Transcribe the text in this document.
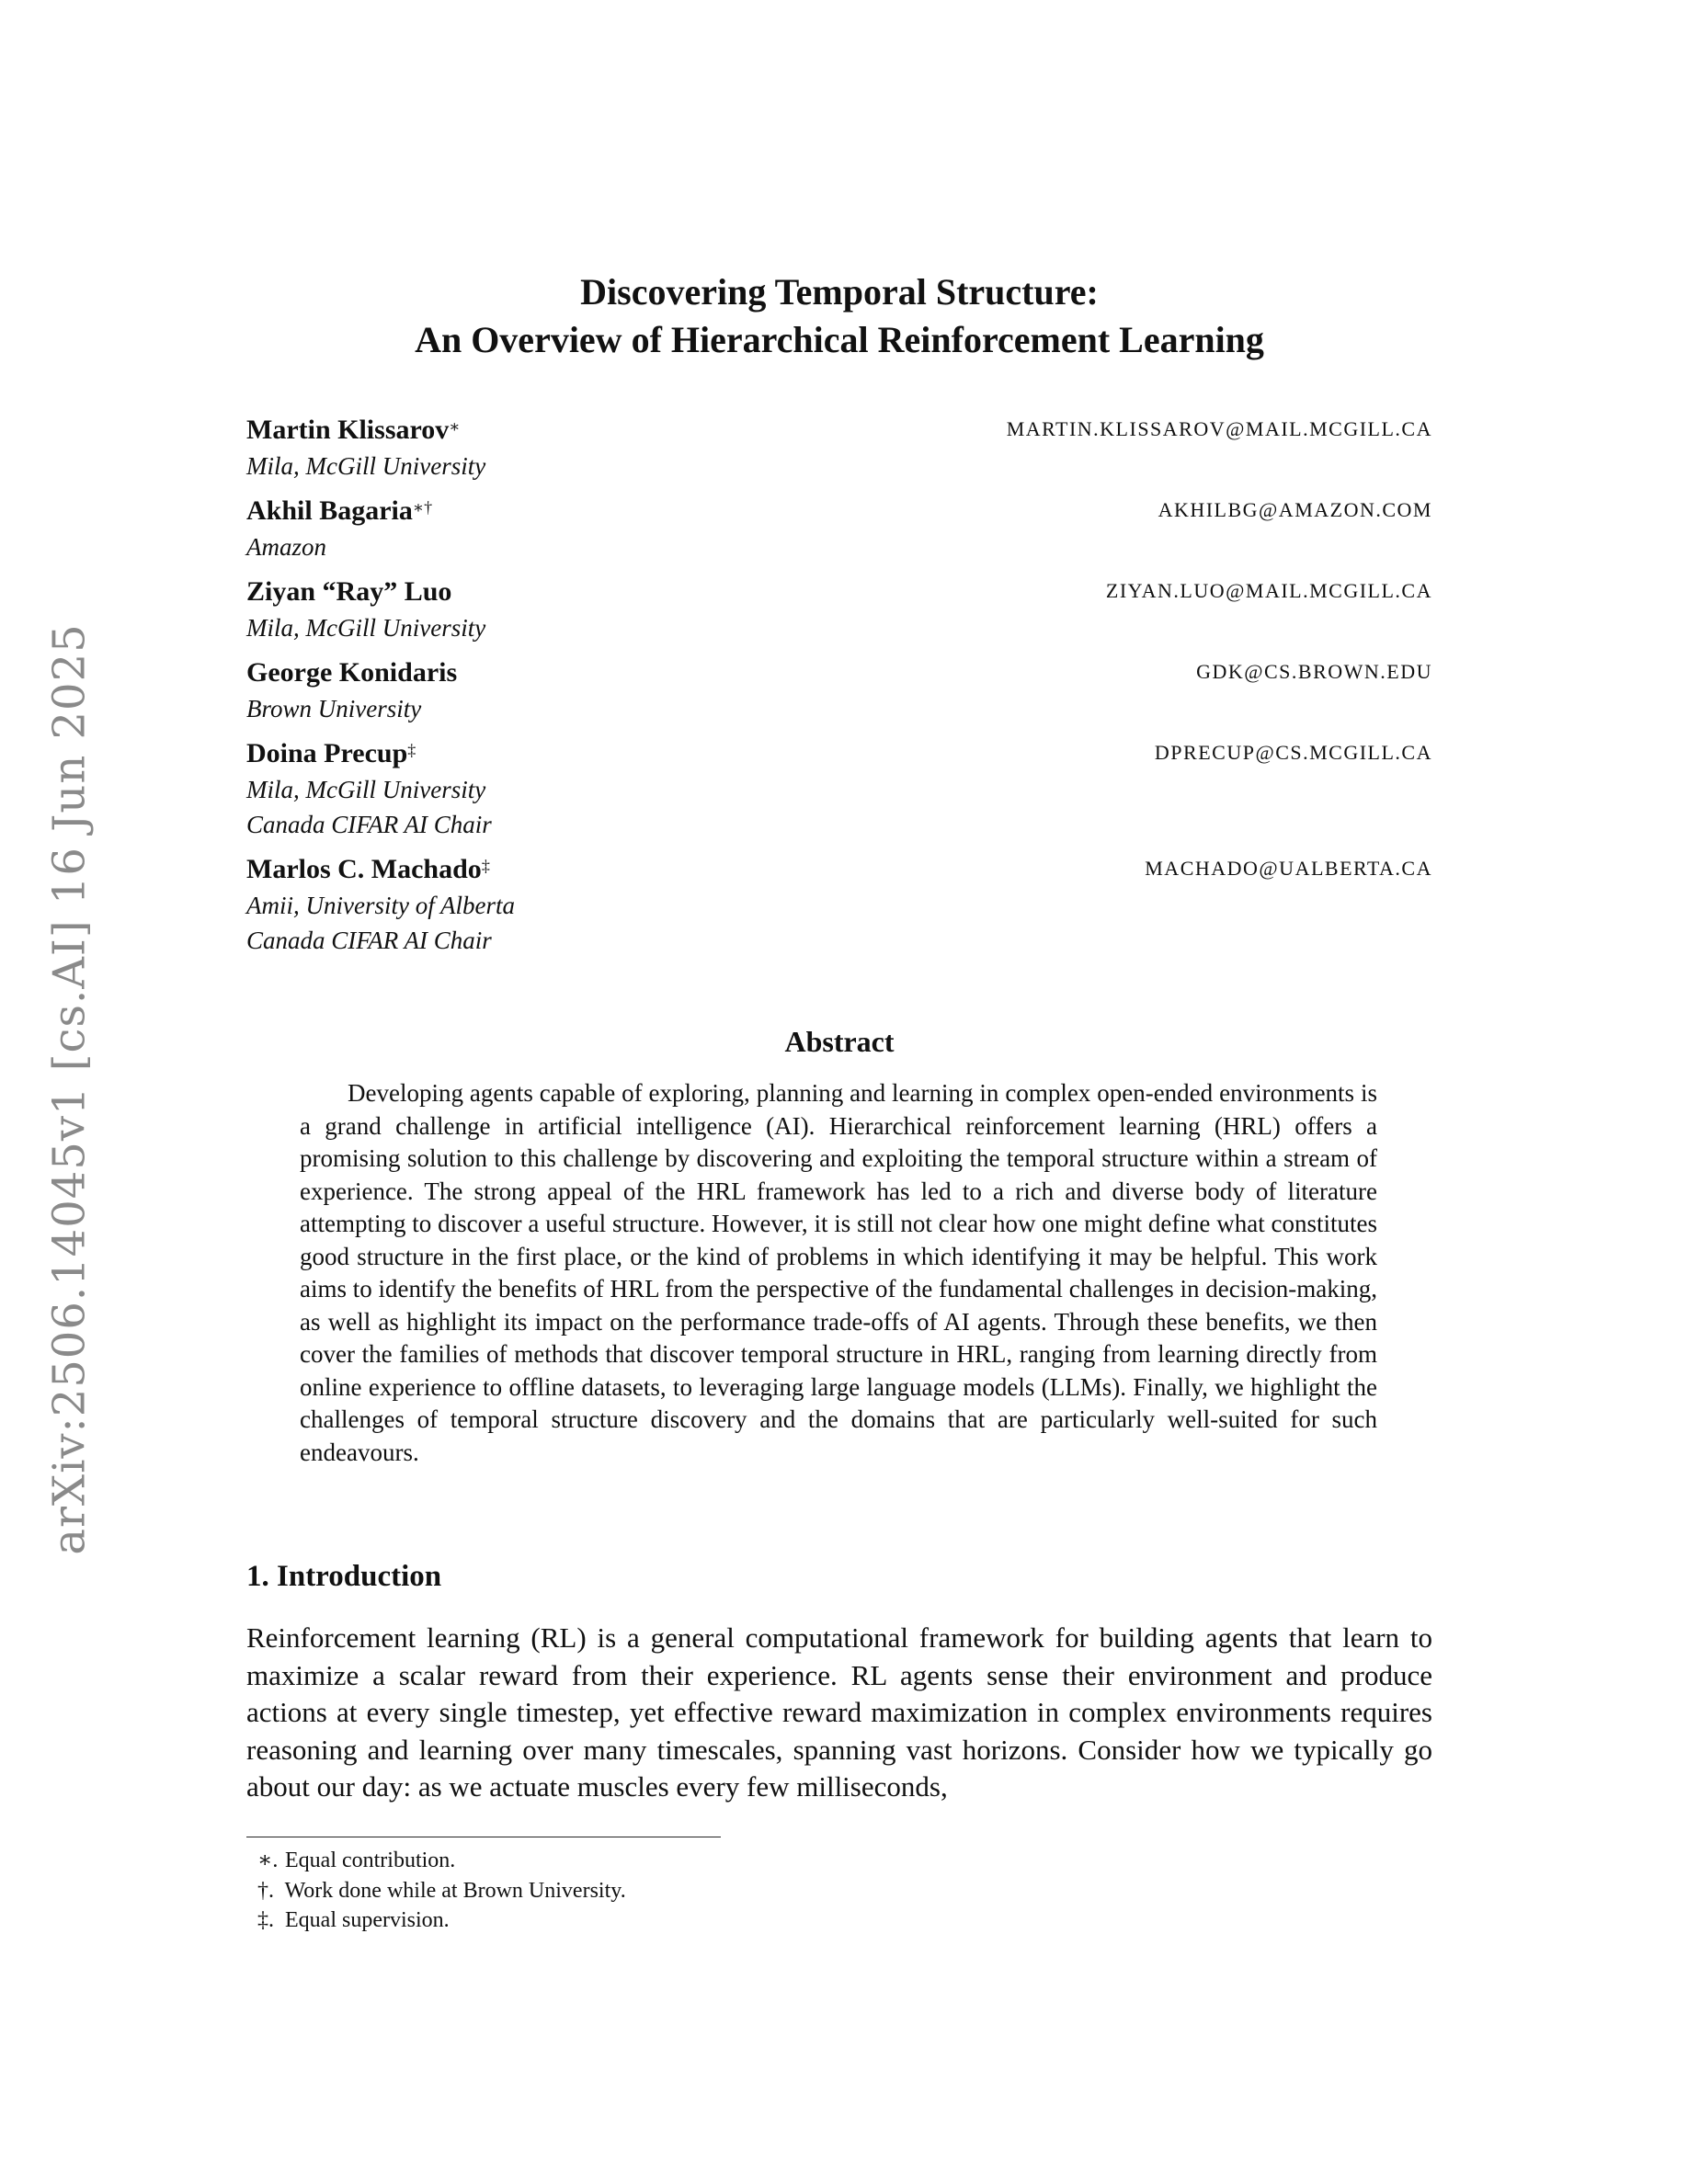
arXiv:2506.14045v1 [cs.AI] 16 Jun 2025
Discovering Temporal Structure:
An Overview of Hierarchical Reinforcement Learning
Martin Klissarov∗
Mila, McGill University
MARTIN.KLISSAROV@MAIL.MCGILL.CA
Akhil Bagaria∗†
Amazon
AKHILBG@AMAZON.COM
Ziyan “Ray” Luo
Mila, McGill University
ZIYAN.LUO@MAIL.MCGILL.CA
George Konidaris
Brown University
GDK@CS.BROWN.EDU
Doina Precup‡
Mila, McGill University
Canada CIFAR AI Chair
DPRECUP@CS.MCGILL.CA
Marlos C. Machado‡
Amii, University of Alberta
Canada CIFAR AI Chair
MACHADO@UALBERTA.CA
Abstract

Developing agents capable of exploring, planning and learning in complex open-ended environments is a grand challenge in artificial intelligence (AI). Hierarchical reinforcement learning (HRL) offers a promising solution to this challenge by discovering and exploiting the temporal structure within a stream of experience. The strong appeal of the HRL framework has led to a rich and diverse body of literature attempting to discover a useful structure. However, it is still not clear how one might define what constitutes good structure in the first place, or the kind of problems in which identifying it may be helpful. This work aims to identify the benefits of HRL from the perspective of the fundamental challenges in decision-making, as well as highlight its impact on the performance trade-offs of AI agents. Through these benefits, we then cover the families of methods that discover temporal structure in HRL, ranging from learning directly from online experience to offline datasets, to leveraging large language models (LLMs). Finally, we highlight the challenges of temporal structure discovery and the domains that are particularly well-suited for such endeavours.

1. Introduction

Reinforcement learning (RL) is a general computational framework for building agents that learn to maximize a scalar reward from their experience. RL agents sense their environment and produce actions at every single timestep, yet effective reward maximization in complex environments requires reasoning and learning over many timescales, spanning vast horizons. Consider how we typically go about our day: as we actuate muscles every few milliseconds,

∗. Equal contribution.
†. Work done while at Brown University.
‡. Equal supervision.
